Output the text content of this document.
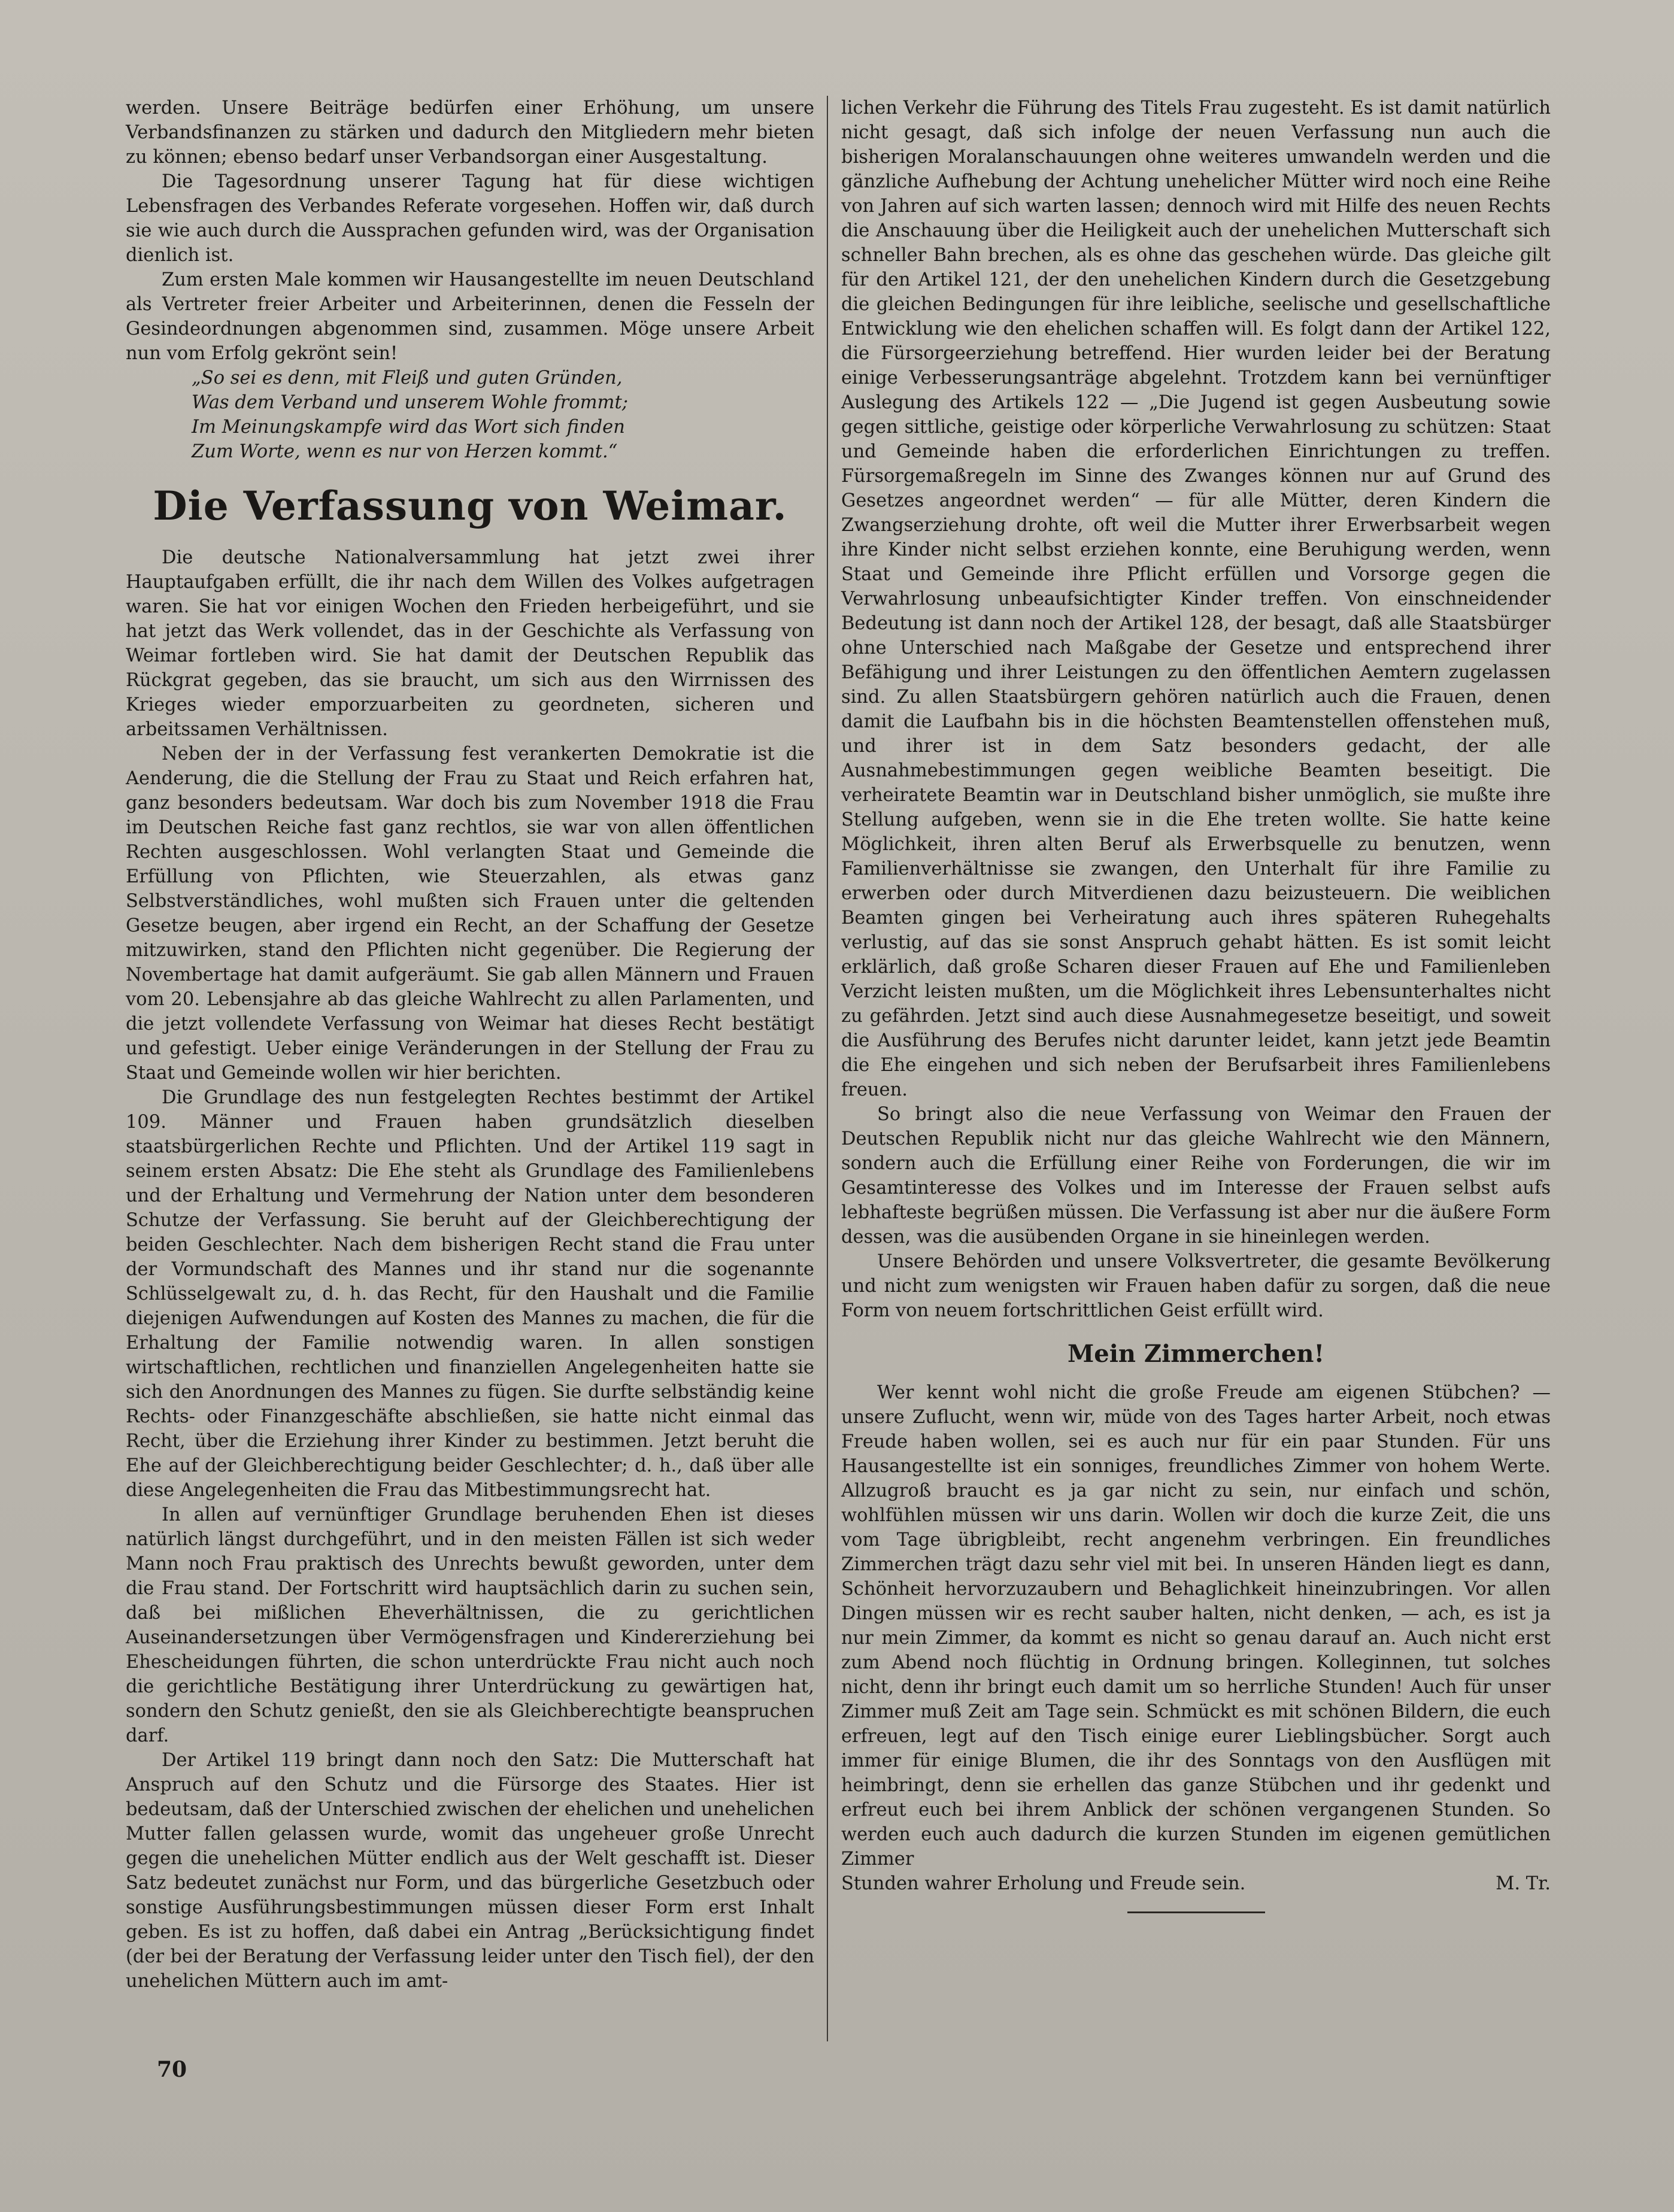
werden. Unsere Beiträge bedürfen einer Erhöhung, um unsere Verbandsfinanzen zu stärken und dadurch den Mitgliedern mehr bieten zu können; ebenso bedarf unser Verbandsorgan einer Ausgestaltung.

Die Tagesordnung unserer Tagung hat für diese wichtigen Lebensfragen des Verbandes Referate vorgesehen. Hoffen wir, daß durch sie wie auch durch die Aussprachen gefunden wird, was der Organisation dienlich ist.

Zum ersten Male kommen wir Hausangestellte im neuen Deutschland als Vertreter freier Arbeiter und Arbeiterinnen, denen die Fesseln der Gesindeordnungen abgenommen sind, zusammen. Möge unsere Arbeit nun vom Erfolg gekrönt sein!

„So sei es denn, mit Fleiß und guten Gründen,
Was dem Verband und unserem Wohle frommt;
Im Meinungskampfe wird das Wort sich finden
Zum Worte, wenn es nur von Herzen kommt.“
Die Verfassung von Weimar.

Die deutsche Nationalversammlung hat jetzt zwei ihrer Hauptaufgaben erfüllt, die ihr nach dem Willen des Volkes aufgetragen waren. Sie hat vor einigen Wochen den Frieden herbeigeführt, und sie hat jetzt das Werk vollendet, das in der Geschichte als Verfassung von Weimar fortleben wird. Sie hat damit der Deutschen Republik das Rückgrat gegeben, das sie braucht, um sich aus den Wirrnissen des Krieges wieder emporzuarbeiten zu geordneten, sicheren und arbeitssamen Verhältnissen.

Neben der in der Verfassung fest verankerten Demokratie ist die Aenderung, die die Stellung der Frau zu Staat und Reich erfahren hat, ganz besonders bedeutsam. War doch bis zum November 1918 die Frau im Deutschen Reiche fast ganz rechtlos, sie war von allen öffentlichen Rechten ausgeschlossen. Wohl verlangten Staat und Gemeinde die Erfüllung von Pflichten, wie Steuerzahlen, als etwas ganz Selbstverständliches, wohl mußten sich Frauen unter die geltenden Gesetze beugen, aber irgend ein Recht, an der Schaffung der Gesetze mitzuwirken, stand den Pflichten nicht gegenüber. Die Regierung der Novembertage hat damit aufgeräumt. Sie gab allen Männern und Frauen vom 20. Lebensjahre ab das gleiche Wahlrecht zu allen Parlamenten, und die jetzt vollendete Verfassung von Weimar hat dieses Recht bestätigt und gefestigt. Ueber einige Veränderungen in der Stellung der Frau zu Staat und Gemeinde wollen wir hier berichten.

Die Grundlage des nun festgelegten Rechtes bestimmt der Artikel 109. Männer und Frauen haben grundsätzlich dieselben staatsbürgerlichen Rechte und Pflichten. Und der Artikel 119 sagt in seinem ersten Absatz: Die Ehe steht als Grundlage des Familienlebens und der Erhaltung und Vermehrung der Nation unter dem besonderen Schutze der Verfassung. Sie beruht auf der Gleichberechtigung der beiden Geschlechter. Nach dem bisherigen Recht stand die Frau unter der Vormundschaft des Mannes und ihr stand nur die sogenannte Schlüsselgewalt zu, d. h. das Recht, für den Haushalt und die Familie diejenigen Aufwendungen auf Kosten des Mannes zu machen, die für die Erhaltung der Familie notwendig waren. In allen sonstigen wirtschaftlichen, rechtlichen und finanziellen Angelegenheiten hatte sie sich den Anordnungen des Mannes zu fügen. Sie durfte selbständig keine Rechts- oder Finanzgeschäfte abschließen, sie hatte nicht einmal das Recht, über die Erziehung ihrer Kinder zu bestimmen. Jetzt beruht die Ehe auf der Gleichberechtigung beider Geschlechter; d. h., daß über alle diese Angelegenheiten die Frau das Mitbestimmungsrecht hat.

In allen auf vernünftiger Grundlage beruhenden Ehen ist dieses natürlich längst durchgeführt, und in den meisten Fällen ist sich weder Mann noch Frau praktisch des Unrechts bewußt geworden, unter dem die Frau stand. Der Fortschritt wird hauptsächlich darin zu suchen sein, daß bei mißlichen Eheverhältnissen, die zu gerichtlichen Auseinandersetzungen über Vermögensfragen und Kindererziehung bei Ehescheidungen führten, die schon unterdrückte Frau nicht auch noch die gerichtliche Bestätigung ihrer Unterdrückung zu gewärtigen hat, sondern den Schutz genießt, den sie als Gleichberechtigte beanspruchen darf.

Der Artikel 119 bringt dann noch den Satz: Die Mutterschaft hat Anspruch auf den Schutz und die Fürsorge des Staates. Hier ist bedeutsam, daß der Unterschied zwischen der ehelichen und unehelichen Mutter fallen gelassen wurde, womit das ungeheuer große Unrecht gegen die unehelichen Mütter endlich aus der Welt geschafft ist. Dieser Satz bedeutet zunächst nur Form, und das bürgerliche Gesetzbuch oder sonstige Ausführungsbestimmungen müssen dieser Form erst Inhalt geben. Es ist zu hoffen, daß dabei ein Antrag „Berücksichtigung findet (der bei der Beratung der Verfassung leider unter den Tisch fiel), der den unehelichen Müttern auch im amt-

lichen Verkehr die Führung des Titels Frau zugesteht. Es ist damit natürlich nicht gesagt, daß sich infolge der neuen Verfassung nun auch die bisherigen Moralanschauungen ohne weiteres umwandeln werden und die gänzliche Aufhebung der Achtung unehelicher Mütter wird noch eine Reihe von Jahren auf sich warten lassen; dennoch wird mit Hilfe des neuen Rechts die Anschauung über die Heiligkeit auch der unehelichen Mutterschaft sich schneller Bahn brechen, als es ohne das geschehen würde. Das gleiche gilt für den Artikel 121, der den unehelichen Kindern durch die Gesetzgebung die gleichen Bedingungen für ihre leibliche, seelische und gesellschaftliche Entwicklung wie den ehelichen schaffen will. Es folgt dann der Artikel 122, die Fürsorgeerziehung betreffend. Hier wurden leider bei der Beratung einige Verbesserungsanträge abgelehnt. Trotzdem kann bei vernünftiger Auslegung des Artikels 122 — „Die Jugend ist gegen Ausbeutung sowie gegen sittliche, geistige oder körperliche Verwahrlosung zu schützen: Staat und Gemeinde haben die erforderlichen Einrichtungen zu treffen. Fürsorgemaßregeln im Sinne des Zwanges können nur auf Grund des Gesetzes angeordnet werden“ — für alle Mütter, deren Kindern die Zwangserziehung drohte, oft weil die Mutter ihrer Erwerbsarbeit wegen ihre Kinder nicht selbst erziehen konnte, eine Beruhigung werden, wenn Staat und Gemeinde ihre Pflicht erfüllen und Vorsorge gegen die Verwahrlosung unbeaufsichtigter Kinder treffen. Von einschneidender Bedeutung ist dann noch der Artikel 128, der besagt, daß alle Staatsbürger ohne Unterschied nach Maßgabe der Gesetze und entsprechend ihrer Befähigung und ihrer Leistungen zu den öffentlichen Aemtern zugelassen sind. Zu allen Staatsbürgern gehören natürlich auch die Frauen, denen damit die Laufbahn bis in die höchsten Beamtenstellen offenstehen muß, und ihrer ist in dem Satz besonders gedacht, der alle Ausnahmebestimmungen gegen weibliche Beamten beseitigt. Die verheiratete Beamtin war in Deutschland bisher unmöglich, sie mußte ihre Stellung aufgeben, wenn sie in die Ehe treten wollte. Sie hatte keine Möglichkeit, ihren alten Beruf als Erwerbsquelle zu benutzen, wenn Familienverhältnisse sie zwangen, den Unterhalt für ihre Familie zu erwerben oder durch Mitverdienen dazu beizusteuern. Die weiblichen Beamten gingen bei Verheiratung auch ihres späteren Ruhegehalts verlustig, auf das sie sonst Anspruch gehabt hätten. Es ist somit leicht erklärlich, daß große Scharen dieser Frauen auf Ehe und Familienleben Verzicht leisten mußten, um die Möglichkeit ihres Lebensunterhaltes nicht zu gefährden. Jetzt sind auch diese Ausnahmegesetze beseitigt, und soweit die Ausführung des Berufes nicht darunter leidet, kann jetzt jede Beamtin die Ehe eingehen und sich neben der Berufsarbeit ihres Familienlebens freuen.

So bringt also die neue Verfassung von Weimar den Frauen der Deutschen Republik nicht nur das gleiche Wahlrecht wie den Männern, sondern auch die Erfüllung einer Reihe von Forderungen, die wir im Gesamtinteresse des Volkes und im Interesse der Frauen selbst aufs lebhafteste begrüßen müssen. Die Verfassung ist aber nur die äußere Form dessen, was die ausübenden Organe in sie hineinlegen werden.

Unsere Behörden und unsere Volksvertreter, die gesamte Bevölkerung und nicht zum wenigsten wir Frauen haben dafür zu sorgen, daß die neue Form von neuem fortschrittlichen Geist erfüllt wird.

Mein Zimmerchen!

Wer kennt wohl nicht die große Freude am eigenen Stübchen? — unsere Zuflucht, wenn wir, müde von des Tages harter Arbeit, noch etwas Freude haben wollen, sei es auch nur für ein paar Stunden. Für uns Hausangestellte ist ein sonniges, freundliches Zimmer von hohem Werte. Allzugroß braucht es ja gar nicht zu sein, nur einfach und schön, wohlfühlen müssen wir uns darin. Wollen wir doch die kurze Zeit, die uns vom Tage übrigbleibt, recht angenehm verbringen. Ein freundliches Zimmerchen trägt dazu sehr viel mit bei. In unseren Händen liegt es dann, Schönheit hervorzuzaubern und Behaglichkeit hineinzubringen. Vor allen Dingen müssen wir es recht sauber halten, nicht denken, — ach, es ist ja nur mein Zimmer, da kommt es nicht so genau darauf an. Auch nicht erst zum Abend noch flüchtig in Ordnung bringen. Kolleginnen, tut solches nicht, denn ihr bringt euch damit um so herrliche Stunden! Auch für unser Zimmer muß Zeit am Tage sein. Schmückt es mit schönen Bildern, die euch erfreuen, legt auf den Tisch einige eurer Lieblingsbücher. Sorgt auch immer für einige Blumen, die ihr des Sonntags von den Ausflügen mit heimbringt, denn sie erhellen das ganze Stübchen und ihr gedenkt und erfreut euch bei ihrem Anblick der schönen vergangenen Stunden. So werden euch auch dadurch die kurzen Stunden im eigenen gemütlichen Zimmer

Stunden wahrer Erholung und Freude sein.	M. Tr.
70
